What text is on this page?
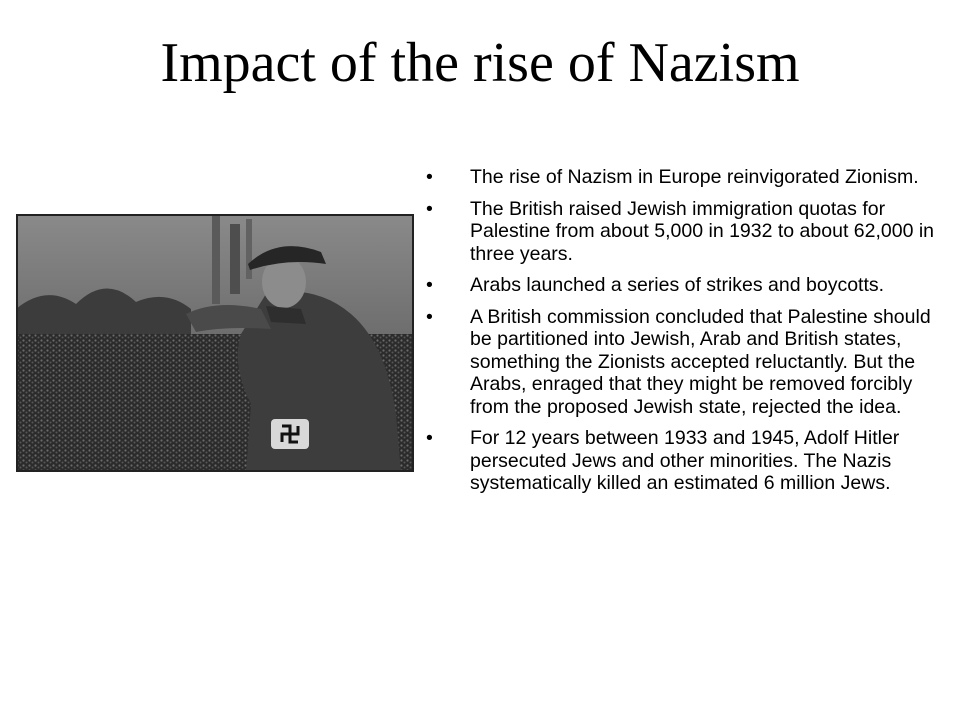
Impact of the rise of Nazism
• The rise of Nazism in Europe reinvigorated Zionism.
• The British raised Jewish immigration quotas for Palestine from about 5,000 in 1932 to about 62,000 in three years.
• Arabs launched a series of strikes and boycotts.
• A British commission concluded that Palestine should be partitioned into Jewish, Arab and British states, something the Zionists accepted reluctantly. But the Arabs, enraged that they might be removed forcibly from the proposed Jewish state, rejected the idea.
• For 12 years between 1933 and 1945, Adolf Hitler persecuted Jews and other minorities. The Nazis systematically killed an estimated 6 million Jews.
